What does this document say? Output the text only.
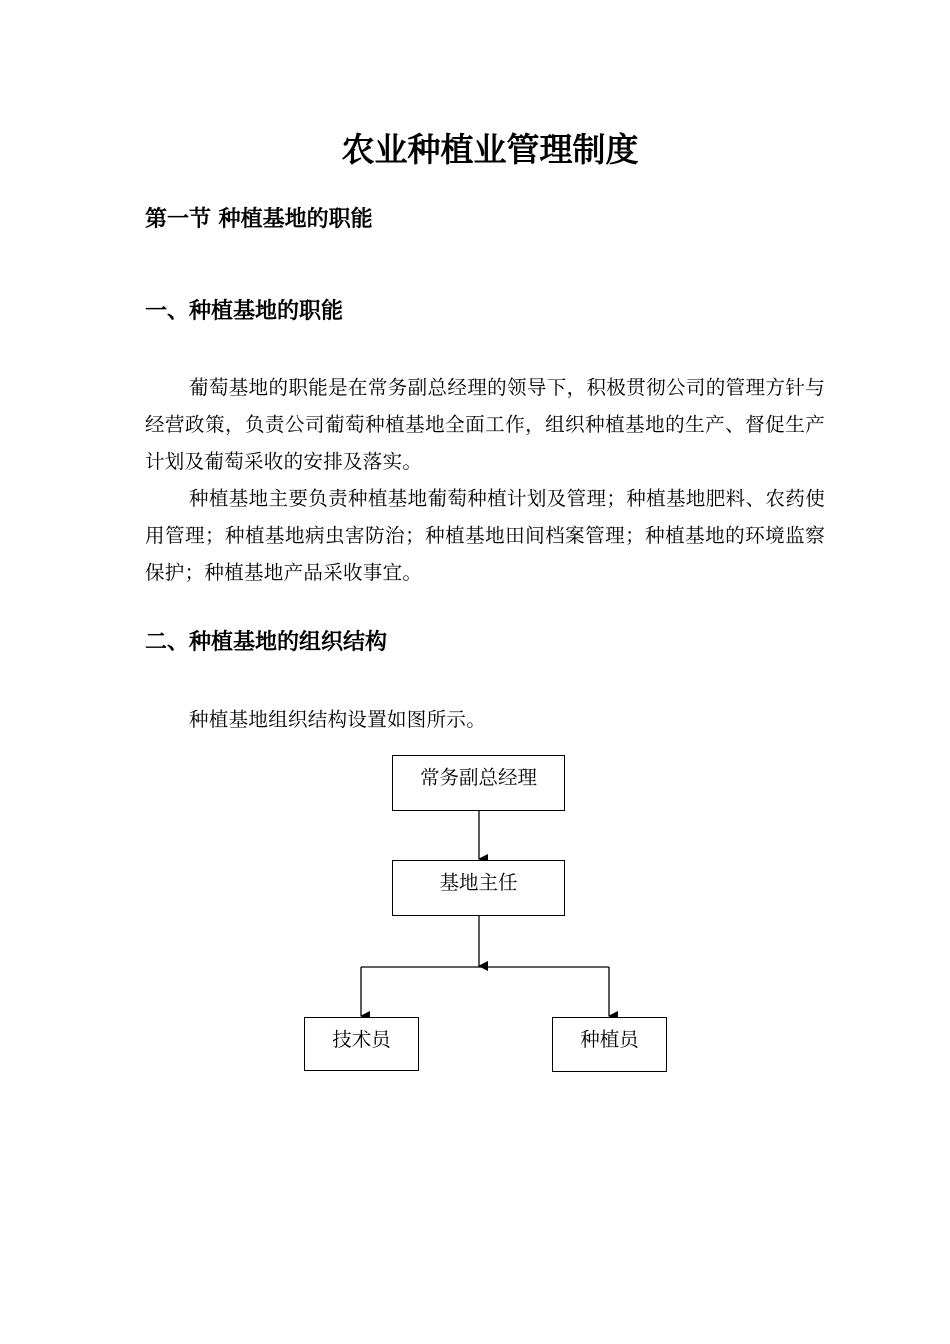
农业种植业管理制度
第一节 种植基地的职能
一、种植基地的职能

葡萄基地的职能是在常务副总经理的领导下，积极贯彻公司的管理方针与经营政策，负责公司葡萄种植基地全面工作，组织种植基地的生产、督促生产计划及葡萄采收的安排及落实。

种植基地主要负责种植基地葡萄种植计划及管理；种植基地肥料、农药使用管理；种植基地病虫害防治；种植基地田间档案管理；种植基地的环境监察保护；种植基地产品采收事宜。

二、种植基地的组织结构

种植基地组织结构设置如图所示。

常务副总经理
基地主任
技术员	种植员
